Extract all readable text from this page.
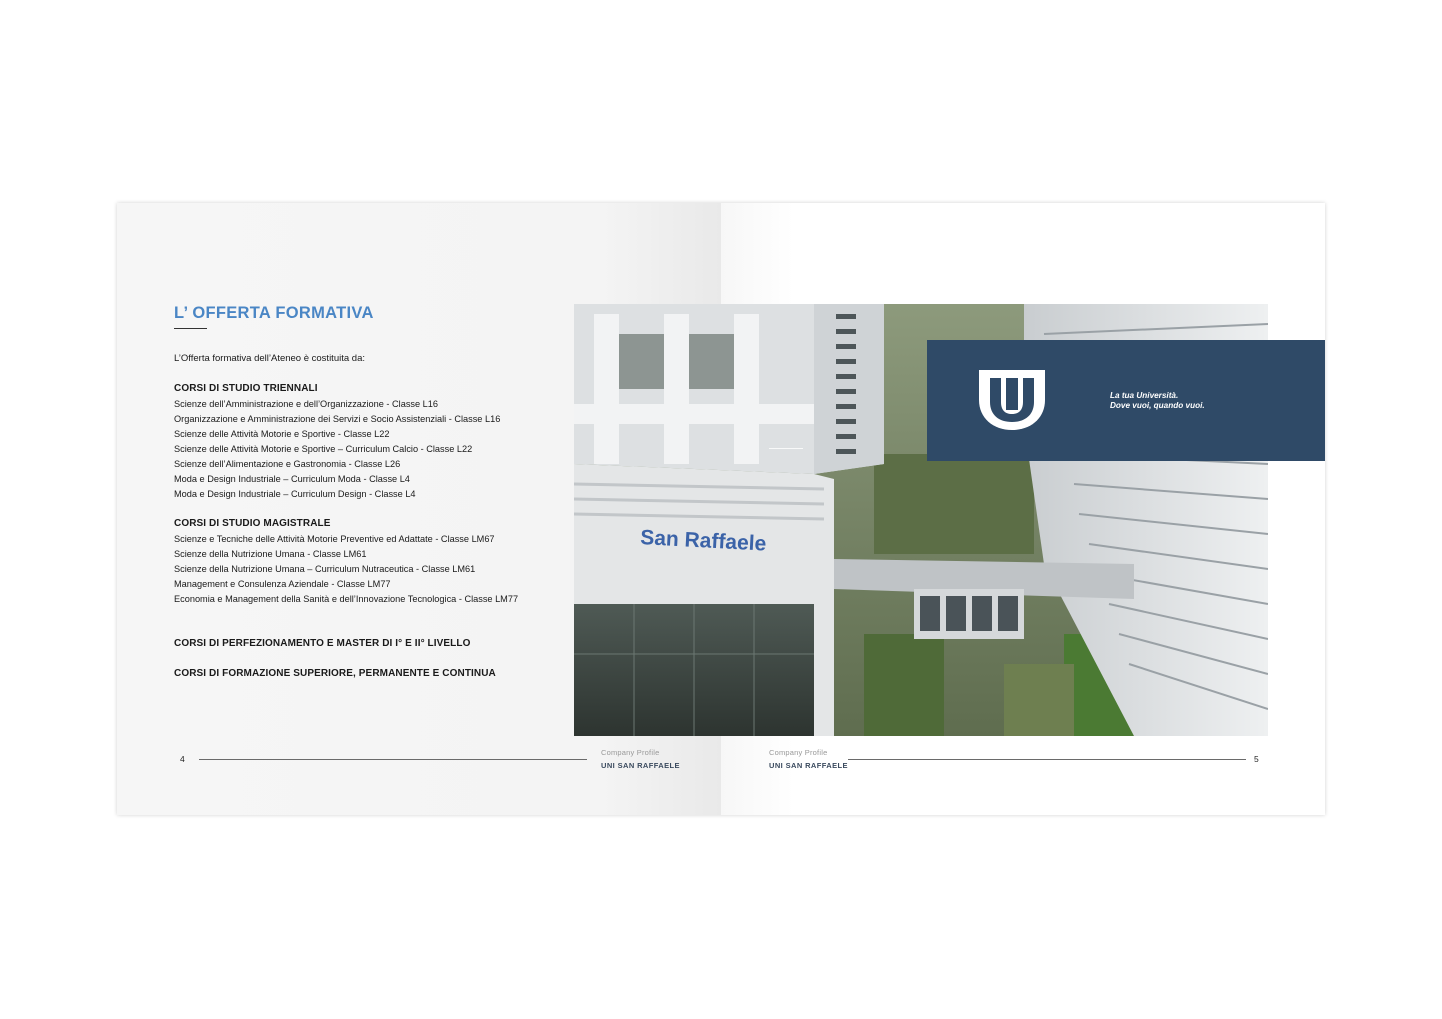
L’ OFFERTA FORMATIVA
L’Offerta formativa dell’Ateneo è costituita da:
CORSI DI STUDIO TRIENNALI
Scienze dell’Amministrazione e dell’Organizzazione - Classe L16
Organizzazione e Amministrazione dei Servizi e Socio Assistenziali - Classe L16
Scienze delle Attività Motorie e Sportive - Classe L22
Scienze delle Attività Motorie e Sportive – Curriculum Calcio - Classe L22
Scienze dell’Alimentazione e Gastronomia - Classe L26
Moda e Design Industriale – Curriculum Moda - Classe L4
Moda e Design Industriale – Curriculum Design - Classe L4
CORSI DI STUDIO MAGISTRALE
Scienze e Tecniche delle Attività Motorie Preventive ed Adattate - Classe LM67
Scienze della Nutrizione Umana - Classe LM61
Scienze della Nutrizione Umana – Curriculum Nutraceutica - Classe LM61
Management e Consulenza Aziendale - Classe LM77
Economia e Management della Sanità e dell’Innovazione Tecnologica - Classe LM77
CORSI DI PERFEZIONAMENTO E MASTER DI I° E II° LIVELLO
CORSI DI FORMAZIONE SUPERIORE, PERMANENTE E CONTINUA
4
Company Profile
UNI SAN RAFFAELE
Company Profile
UNI SAN RAFFAELE
5
San Raffaele
La tua Università.
Dove vuoi, quando vuoi.
